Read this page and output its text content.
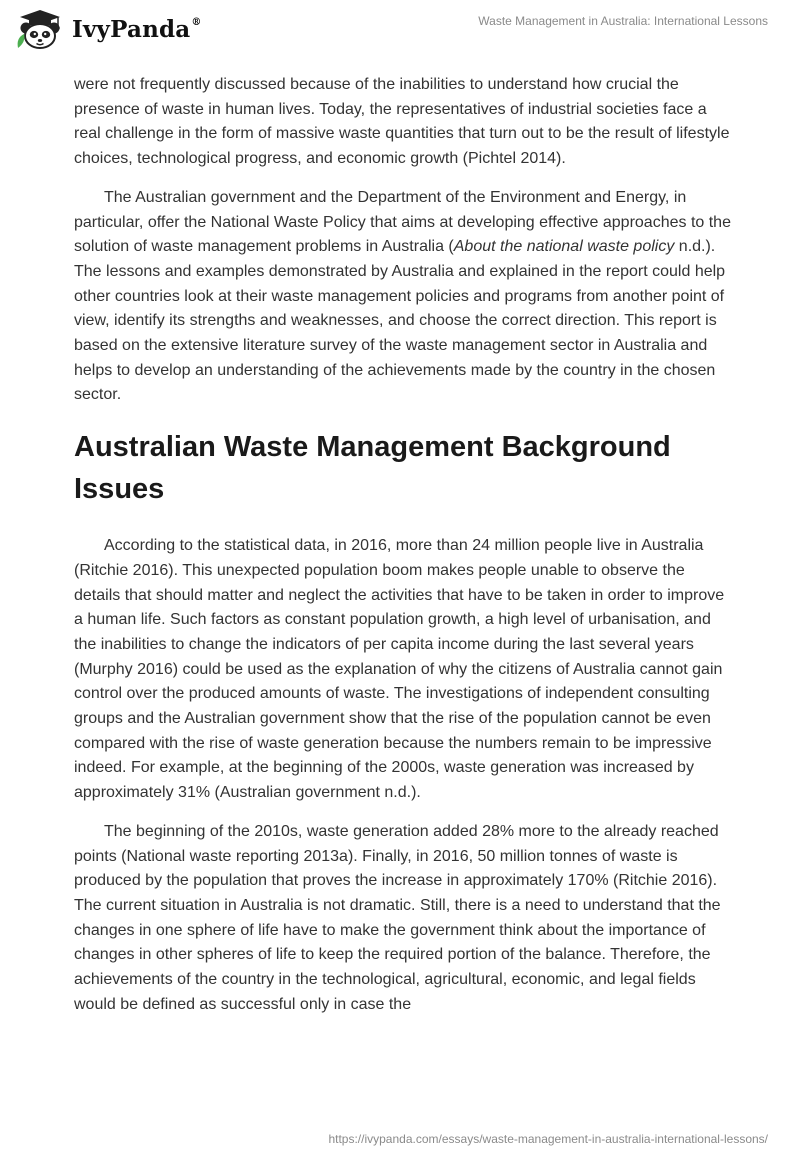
IvyPanda®	Waste Management in Australia: International Lessons

were not frequently discussed because of the inabilities to understand how crucial the presence of waste in human lives. Today, the representatives of industrial societies face a real challenge in the form of massive waste quantities that turn out to be the result of lifestyle choices, technological progress, and economic growth (Pichtel 2014).

The Australian government and the Department of the Environment and Energy, in particular, offer the National Waste Policy that aims at developing effective approaches to the solution of waste management problems in Australia (About the national waste policy n.d.). The lessons and examples demonstrated by Australia and explained in the report could help other countries look at their waste management policies and programs from another point of view, identify its strengths and weaknesses, and choose the correct direction. This report is based on the extensive literature survey of the waste management sector in Australia and helps to develop an understanding of the achievements made by the country in the chosen sector.

Australian Waste Management Background Issues

According to the statistical data, in 2016, more than 24 million people live in Australia (Ritchie 2016). This unexpected population boom makes people unable to observe the details that should matter and neglect the activities that have to be taken in order to improve a human life. Such factors as constant population growth, a high level of urbanisation, and the inabilities to change the indicators of per capita income during the last several years (Murphy 2016) could be used as the explanation of why the citizens of Australia cannot gain control over the produced amounts of waste. The investigations of independent consulting groups and the Australian government show that the rise of the population cannot be even compared with the rise of waste generation because the numbers remain to be impressive indeed. For example, at the beginning of the 2000s, waste generation was increased by approximately 31% (Australian government n.d.).

The beginning of the 2010s, waste generation added 28% more to the already reached points (National waste reporting 2013a). Finally, in 2016, 50 million tonnes of waste is produced by the population that proves the increase in approximately 170% (Ritchie 2016). The current situation in Australia is not dramatic. Still, there is a need to understand that the changes in one sphere of life have to make the government think about the importance of changes in other spheres of life to keep the required portion of the balance. Therefore, the achievements of the country in the technological, agricultural, economic, and legal fields would be defined as successful only in case the

https://ivypanda.com/essays/waste-management-in-australia-international-lessons/
